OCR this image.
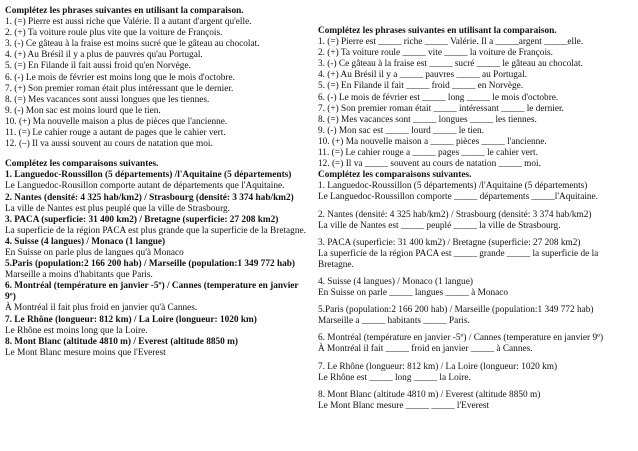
Complétez les phrases suivantes en utilisant la comparaison.
1. (=) Pierre est aussi riche que Valérie. Il a autant d'argent qu'elle.
2. (+) Ta voiture roule plus vite que la voiture de François.
3. (-) Ce gâteau à la fraise est moins sucré que le gâteau au chocolat.
4. (+) Au Brésil il y a plus de pauvres qu'au Portugal.
5. (=) En Filande il fait aussi froid qu'en Norvège.
6. (-) Le mois de février est moins long que le mois d'octobre.
7. (+) Son premier roman était plus intéressant que le dernier.
8. (=) Mes vacances sont aussi longues que les tiennes.
9. (-) Mon sac est moins lourd que le tien.
10. (+) Ma nouvelle maison a plus de pièces que l'ancienne.
11. (=) Le cahier rouge a autant de pages que le cahier vert.
12. (–) Il va aussi souvent au cours de natation que moi.
Complétez les comparaisons suivantes.
1. Languedoc-Roussillon (5 départements) /l'Aquitaine (5 départements)
Le Languedoc-Rousillon comporte autant de départements que l'Aquitaine.
2. Nantes (densité: 4 325 hab/km2) / Strasbourg (densité: 3 374 hab/km2)
La ville de Nantes est plus peuplé que la ville de Strasbourg.
3. PACA (superficie: 31 400 km2) / Bretagne (superficie: 27 208 km2)
La superficie de la région PACA est plus grande que la superficie de la Bretagne.
4. Suisse (4 langues) / Monaco (1 langue)
En Suisse on parle plus de langues qu'à Monaco
5.Paris (population:2 166 200 hab) / Marseille (population:1 349 772 hab)
Marseille a moins d'habitants que Paris.
6. Montréal (température en janvier -5º) / Cannes (temperature en janvier 9º)
À Montréal il fait plus froid en janvier qu'à Cannes.
7. Le Rhône (longueur: 812 km) / La Loire (longueur: 1020 km)
Le Rhône est moins long que la Loire.
8. Mont Blanc (altitude 4810 m) / Everest (altitude 8850 m)
Le Mont Blanc mesure moins que l'Everest
Complétez les phrases suivantes en utilisant la comparaison.
1. (=) Pierre est _____ riche _____ Valérie. Il a _____argent _____elle.
2. (+) Ta voiture roule _____ vite _____ la voiture de François.
3. (-) Ce gâteau à la fraise est _____ sucré _____ le gâteau au chocolat.
4. (+) Au Brésil il y a _____ pauvres _____ au Portugal.
5. (=) En Filande il fait _____ froid _____ en Norvège.
6. (-) Le mois de février est _____ long _____ le mois d'octobre.
7. (+) Son premier roman était _____ intéressant _____ le dernier.
8. (=) Mes vacances sont _____ longues _____ les tiennes.
9. (-) Mon sac est _____ lourd _____ le tien.
10. (+) Ma nouvelle maison a _____ pièces _____ l'ancienne.
11. (=) Le cahier rouge a _____ pages _____ le cahier vert.
12. (=) Il va _____ souvent au cours de natation _____ moi.
Complétez les comparaisons suivantes.
1. Languedoc-Roussillon (5 départements) /l'Aquitaine (5 départements)
Le Languedoc-Roussillon comporte _____ départements _____l'Aquitaine.
2. Nantes (densité: 4 325 hab/km2) / Strasbourg (densité: 3 374 hab/km2)
La ville de Nantes est _____ peuplé _____ la ville de Strasbourg.
3. PACA (superficie: 31 400 km2) / Bretagne (superficie: 27 208 km2)
La superficie de la région PACA est _____ grande _____ la superficie de la Bretagne.
4. Suisse (4 langues) / Monaco (1 langue)
En Suisse on parle _____ langues _____ à Monaco
5.Paris (population:2 166 200 hab) / Marseille (population:1 349 772 hab)
Marseille a _____ habitants _____ Paris.
6. Montréal (température en janvier -5º) / Cannes (temperature en janvier 9º)
À Montréal il fait _____ froid en janvier _____ à Cannes.
7. Le Rhône (longueur: 812 km) / La Loire (longueur: 1020 km)
Le Rhône est _____ long _____ la Loire.
8. Mont Blanc (altitude 4810 m) / Everest (altitude 8850 m)
Le Mont Blanc mesure _____ _____ l'Everest
